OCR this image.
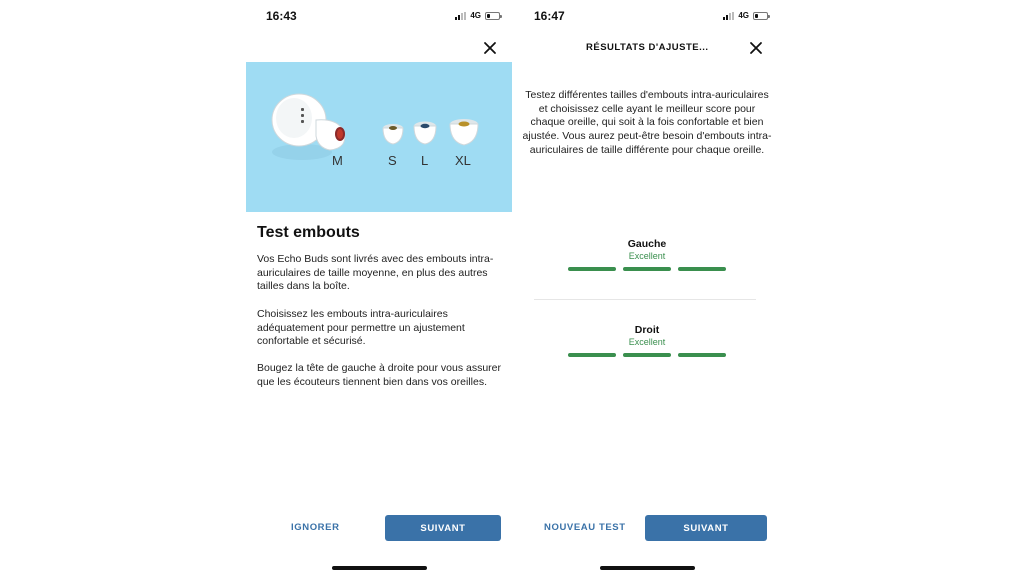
16:43	4G
M	S L XL
Test embouts

Vos Echo Buds sont livrés avec des embouts intra-auriculaires de taille moyenne, en plus des autres tailles dans la boîte.

Choisissez les embouts intra-auriculaires adéquatement pour permettre un ajustement confortable et sécurisé.

Bougez la tête de gauche à droite pour vous assurer que les écouteurs tiennent bien dans vos oreilles.

IGNORER	SUIVANT
16:47	4G
RÉSULTATS D'AJUSTE...

Testez différentes tailles d'embouts intra-auriculaires et choisissez celle ayant le meilleur score pour chaque oreille, qui soit à la fois confortable et bien ajustée. Vous aurez peut-être besoin d'embouts intra-auriculaires de taille différente pour chaque oreille.

Gauche
Excellent
Droit
Excellent
NOUVEAU TEST	SUIVANT
